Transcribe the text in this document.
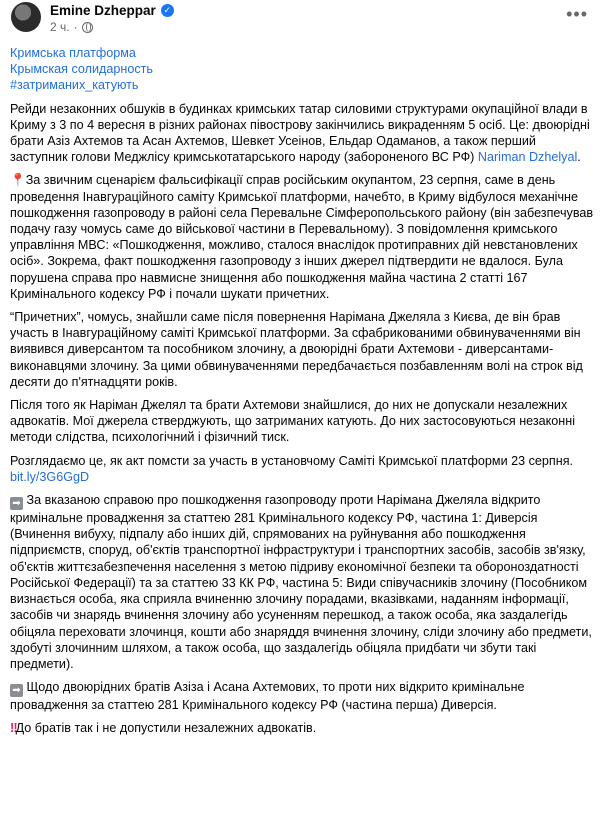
Emine Dzheppar ✓
2 ч. ·
•••

Кримська платформа
Крымская солидарность
#затриманих_катують

Рейди незаконних обшуків в будинках кримських татар силовими структурами окупаційної влади в Криму з 3 по 4 вересня в різних районах півострову закінчились викраденням 5 осіб. Це: двоюрідні брати Азіз Ахтемов та Асан Ахтемов, Шевкет Усеінов, Ельдар Одаманов, а також перший заступник голови Меджлісу кримськотатарського народу (забороненого ВС РФ) Nariman Dzhelyal.

📍За звичним сценарієм фальсифікації справ російським окупантом, 23 серпня, саме в день проведення Інавгураційного саміту Кримської платформи, начебто, в Криму відбулося механічне пошкодження газопроводу в районі села Перевальне Сімферопольського району (він забезпечував подачу газу чомусь саме до військової частини в Перевальному). З повідомлення кримського управління МВС: «Пошкодження, можливо, сталося внаслідок протиправних дій невстановлених осіб». Зокрема, факт пошкодження газопроводу з інших джерел підтвердити не вдалося. Була порушена справа про навмисне знищення або пошкодження майна частина 2 статті 167 Кримінального кодексу РФ і почали шукати причетних.

“Причетних”, чомусь, знайшли саме після повернення Нарімана Джеляла з Києва, де він брав участь в Інавгураційному саміті Кримської платформи. За сфабрикованими обвинуваченнями він виявився диверсантом та пособником злочину, а двоюрідні брати Ахтемови - диверсантами-виконавцями злочину. За цими обвинуваченнями передбачається позбавленням волі на строк від десяти до п'ятнадцяти років.

Після того як Наріман Джелял та брати Ахтемови знайшлися, до них не допускали незалежних адвокатів. Мої джерела стверджують, що затриманих катують. До них застосовуються незаконні методи слідства, психологічний і фізичний тиск.

Розглядаємо це, як акт помсти за участь в установчому Саміті Кримської платформи 23 серпня. bit.ly/3G6GgD

➡ За вказаною справою про пошкодження газопроводу проти Нарімана Джеляла відкрито кримінальне провадження за статтею 281 Кримінального кодексу РФ, частина 1: Диверсія (Вчинення вибуху, підпалу або інших дій, спрямованих на руйнування або пошкодження підприємств, споруд, об'єктів транспортної інфраструктури і транспортних засобів, засобів зв'язку, об'єктів життєзабезпечення населення з метою підриву економічної безпеки та обороноздатності Російської Федерації) та за статтею 33 КК РФ, частина 5: Види співучасників злочину (Пособником визнається особа, яка сприяла вчиненню злочину порадами, вказівками, наданням інформації, засобів чи знарядь вчинення злочину або усуненням перешкод, а також особа, яка заздалегідь обіцяла переховати злочинця, кошти або знаряддя вчинення злочину, сліди злочину або предмети, здобуті злочинним шляхом, а також особа, що заздалегідь обіцяла придбати чи збути такі предмети).

➡ Щодо двоюрідних братів Азіза і Асана Ахтемових, то проти них відкрито кримінальне провадження за статтею 281 Кримінального кодексу РФ (частина перша) Диверсія.

‼До братів так і не допустили незалежних адвокатів.
